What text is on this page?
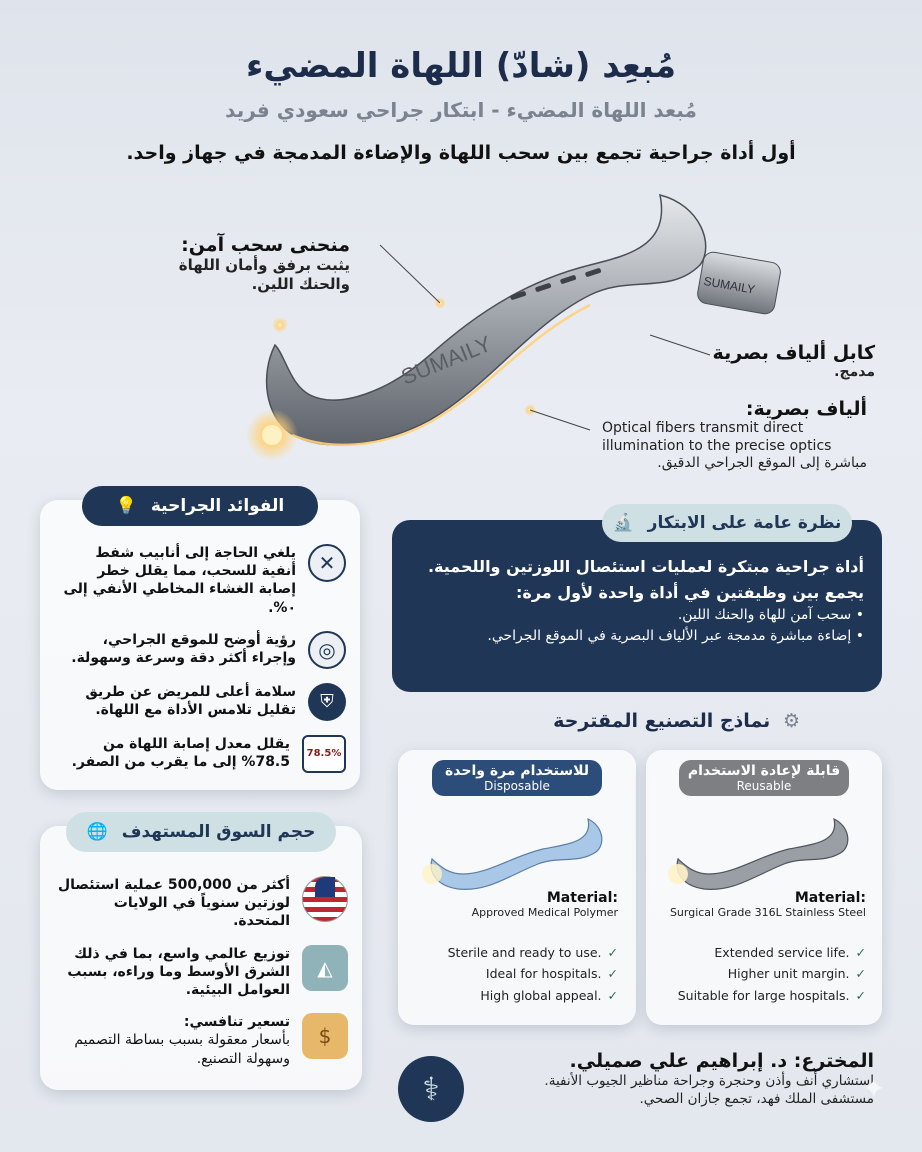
مُبعِد (شادّ) اللهاة المضيء
مُبعد اللهاة المضيء - ابتكار جراحي سعودي فريد
أول أداة جراحية تجمع بين سحب اللهاة والإضاءة المدمجة في جهاز واحد.
SUMAILY
SUMAILY
منحنى سحب آمن:
يثبت برفق وأمان اللهاة والحنك اللين.
كابل ألياف بصرية
مدمج.
ألياف بصرية:
Optical fibers transmit direct illumination to the precise optics
مباشرة إلى الموقع الجراحي الدقيق.
الفوائد الجراحية 💡
✕
يلغي الحاجة إلى أنابيب شفط أنفية للسحب، مما يقلل خطر إصابة الغشاء المخاطي الأنفي إلى ٠%.
◎
رؤية أوضح للموقع الجراحي، وإجراء أكثر دقة وسرعة وسهولة.
⛨
سلامة أعلى للمريض عن طريق تقليل تلامس الأداة مع اللهاة.
78.5%
يقلل معدل إصابة اللهاة من 78.5% إلى ما يقرب من الصفر.
نظرة عامة على الابتكار 🔬
أداة جراحية مبتكرة لعمليات استئصال اللوزتين واللحمية.
يجمع بين وظيفتين في أداة واحدة لأول مرة:
• سحب آمن للهاة والحنك اللين.
• إضاءة مباشرة مدمجة عبر الألياف البصرية في الموقع الجراحي.
⚙ نماذج التصنيع المقترحة
للاستخدام مرة واحدة
Disposable
Material:
Approved Medical Polymer
Sterile and ready to use. ✓
Ideal for hospitals. ✓
High global appeal. ✓
قابلة لإعادة الاستخدام
Reusable
Material:
Surgical Grade 316L Stainless Steel
Extended service life. ✓
Higher unit margin. ✓
Suitable for large hospitals. ✓
حجم السوق المستهدف 🌐
أكثر من 500,000 عملية استئصال لوزتين سنوياً في الولايات المتحدة.
◭
توزيع عالمي واسع، بما في ذلك الشرق الأوسط وما وراءه، بسبب العوامل البيئية.
$
تسعير تنافسي:
بأسعار معقولة بسبب بساطة التصميم وسهولة التصنيع.
⚕
المخترع: د. إبراهيم علي صميلي.
استشاري أنف وأذن وحنجرة وجراحة مناظير الجيوب الأنفية.
مستشفى الملك فهد، تجمع جازان الصحي.
✦
